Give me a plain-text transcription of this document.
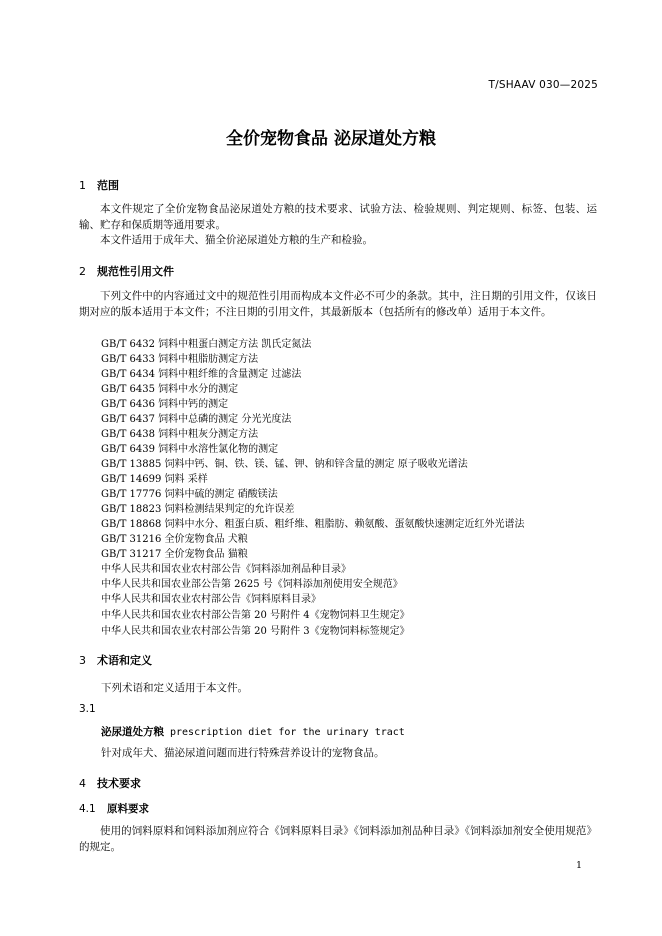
T/SHAAV 030—2025
全价宠物食品 泌尿道处方粮
1 范围
本文件规定了全价宠物食品泌尿道处方粮的技术要求、试验方法、检验规则、判定规则、标签、包装、运输、贮存和保质期等通用要求。
本文件适用于成年犬、猫全价泌尿道处方粮的生产和检验。
2 规范性引用文件
下列文件中的内容通过文中的规范性引用而构成本文件必不可少的条款。其中，注日期的引用文件，仅该日期对应的版本适用于本文件；不注日期的引用文件，其最新版本（包括所有的修改单）适用于本文件。
GB/T 6432 饲料中粗蛋白测定方法 凯氏定氮法
GB/T 6433 饲料中粗脂肪测定方法
GB/T 6434 饲料中粗纤维的含量测定 过滤法
GB/T 6435 饲料中水分的测定
GB/T 6436 饲料中钙的测定
GB/T 6437 饲料中总磷的测定 分光光度法
GB/T 6438 饲料中粗灰分测定方法
GB/T 6439 饲料中水溶性氯化物的测定
GB/T 13885 饲料中钙、铜、铁、镁、锰、钾、钠和锌含量的测定 原子吸收光谱法
GB/T 14699 饲料 采样
GB/T 17776 饲料中硫的测定 硝酸镁法
GB/T 18823 饲料检测结果判定的允许误差
GB/T 18868 饲料中水分、粗蛋白质、粗纤维、粗脂肪、赖氨酸、蛋氨酸快速测定近红外光谱法
GB/T 31216 全价宠物食品 犬粮
GB/T 31217 全价宠物食品 猫粮
中华人民共和国农业农村部公告《饲料添加剂品种目录》
中华人民共和国农业部公告第 2625 号《饲料添加剂使用安全规范》
中华人民共和国农业农村部公告《饲料原料目录》
中华人民共和国农业农村部公告第 20 号附件 4《宠物饲料卫生规定》
中华人民共和国农业农村部公告第 20 号附件 3《宠物饲料标签规定》
3 术语和定义
下列术语和定义适用于本文件。
3.1
泌尿道处方粮 prescription diet for the urinary tract
针对成年犬、猫泌尿道问题而进行特殊营养设计的宠物食品。
4 技术要求
4.1 原料要求
使用的饲料原料和饲料添加剂应符合《饲料原料目录》《饲料添加剂品种目录》《饲料添加剂安全使用规范》的规定。
1
